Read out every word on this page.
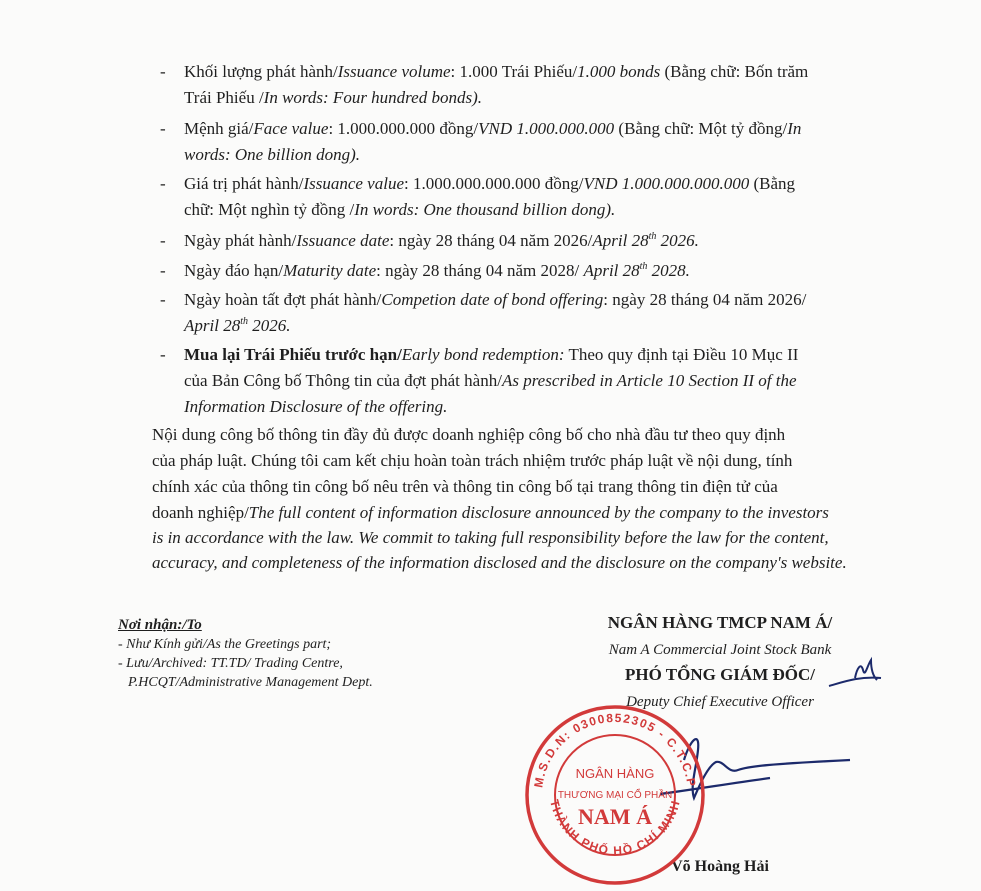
- Khối lượng phát hành/Issuance volume: 1.000 Trái Phiếu/1.000 bonds (Bằng chữ: Bốn trăm
Trái Phiếu /In words: Four hundred bonds).
- Mệnh giá/Face value: 1.000.000.000 đồng/VND 1.000.000.000 (Bằng chữ: Một tỷ đồng/In
words: One billion dong).
- Giá trị phát hành/Issuance value: 1.000.000.000.000 đồng/VND 1.000.000.000.000 (Bằng
chữ: Một nghìn tỷ đồng /In words: One thousand billion dong).
- Ngày phát hành/Issuance date: ngày 28 tháng 04 năm 2026/April 28th 2026.
- Ngày đáo hạn/Maturity date: ngày 28 tháng 04 năm 2028/ April 28th 2028.
- Ngày hoàn tất đợt phát hành/Competion date of bond offering: ngày 28 tháng 04 năm 2026/
April 28th 2026.
- Mua lại Trái Phiếu trước hạn/Early bond redemption: Theo quy định tại Điều 10 Mục II
của Bản Công bố Thông tin của đợt phát hành/As prescribed in Article 10 Section II of the
Information Disclosure of the offering.
Nội dung công bố thông tin đầy đủ được doanh nghiệp công bố cho nhà đầu tư theo quy định
của pháp luật. Chúng tôi cam kết chịu hoàn toàn trách nhiệm trước pháp luật về nội dung, tính
chính xác của thông tin công bố nêu trên và thông tin công bố tại trang thông tin điện tử của
doanh nghiệp/The full content of information disclosure announced by the company to the investors
is in accordance with the law. We commit to taking full responsibility before the law for the content,
accuracy, and completeness of the information disclosed and the disclosure on the company's website.
Nơi nhận:/To
- Như Kính gửi/As the Greetings part;
- Lưu/Archived: TT.TD/ Trading Centre,
P.HCQT/Administrative Management Dept.
NGÂN HÀNG TMCP NAM Á/
Nam A Commercial Joint Stock Bank
PHÓ TỔNG GIÁM ĐỐC/
Deputy Chief Executive Officer
Võ Hoàng Hải
M.S.D.N: 0300852305 - C.T.C.P
THÀNH PHỐ HỒ CHÍ MINH
NGÂN HÀNG
THƯƠNG MẠI CỔ PHẦN
NAM Á
